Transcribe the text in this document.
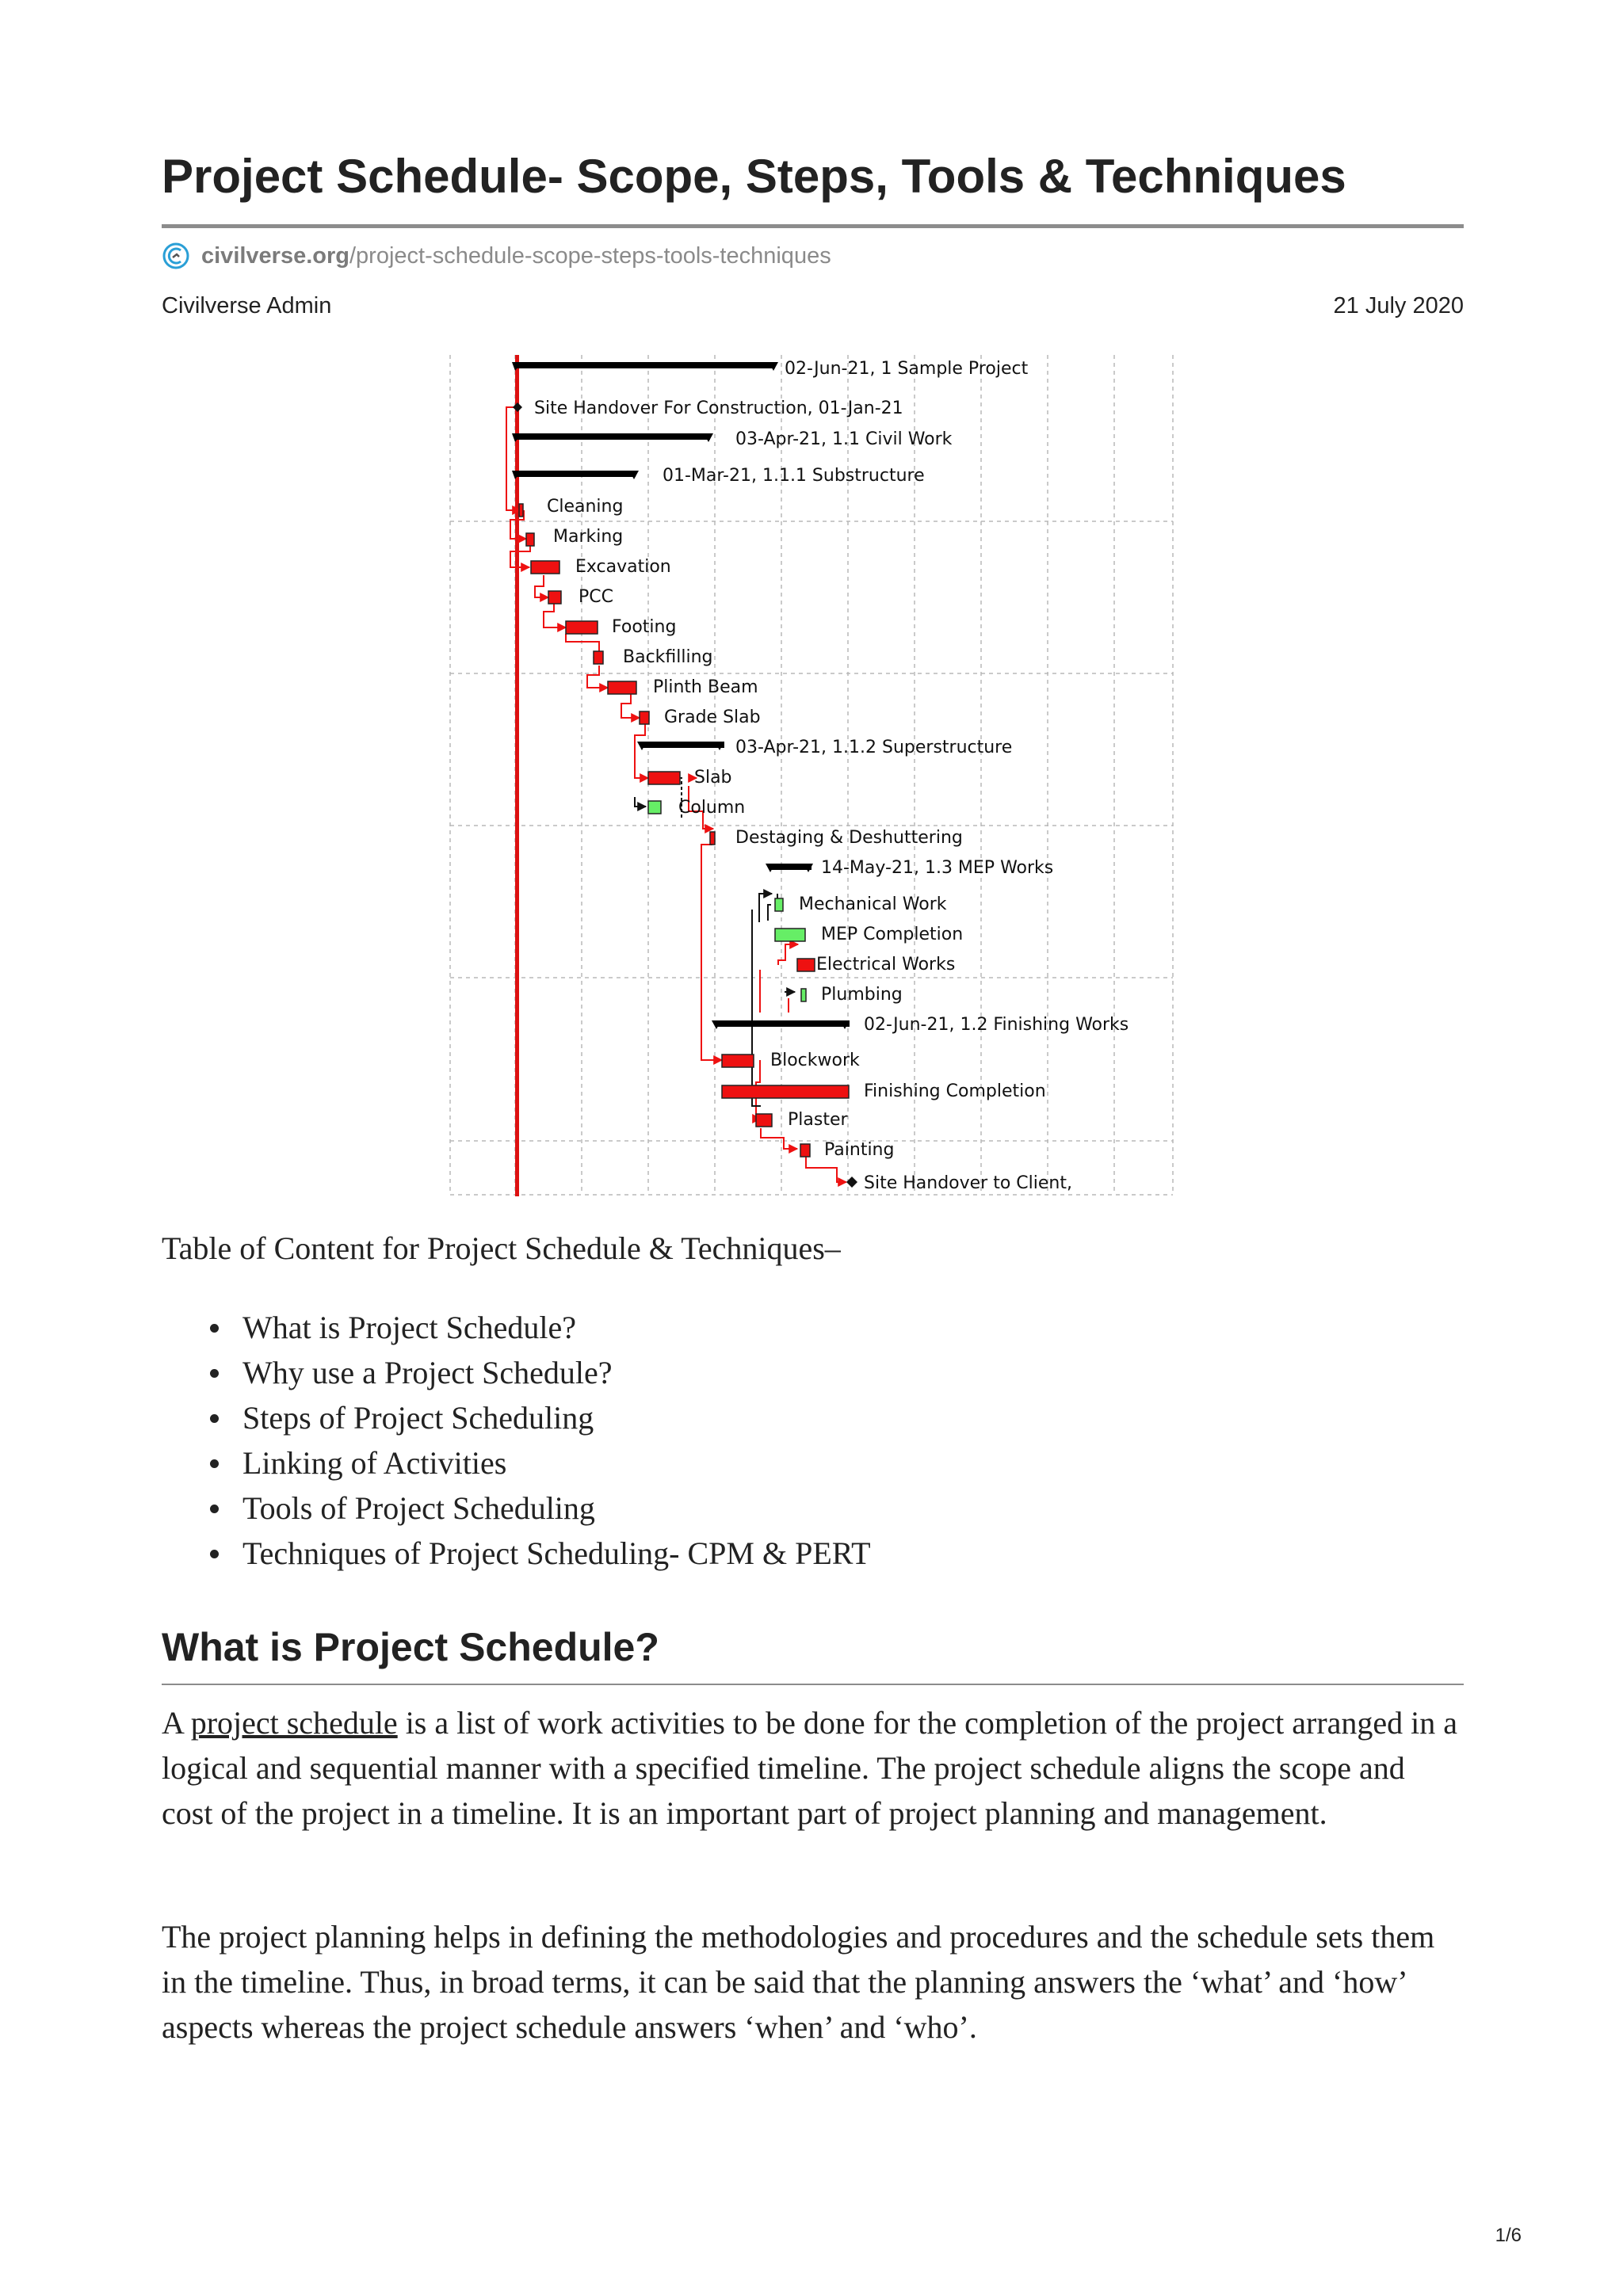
Project Schedule- Scope, Steps, Tools & Techniques
civilverse.org /project-schedule-scope-steps-tools-techniques
Civilverse Admin	21 July 2020
02-Jun-21, 1 Sample Project
Site Handover For Construction, 01-Jan-21
03-Apr-21, 1.1 Civil Work
01-Mar-21, 1.1.1 Substructure
Cleaning
Marking
Excavation
PCC
Footing
Backfilling
Plinth Beam
Grade Slab
03-Apr-21, 1.1.2 Superstructure
Slab
Column
Destaging & Deshuttering
14-May-21, 1.3 MEP Works
Mechanical Work
MEP Completion
Electrical Works
Plumbing
02-Jun-21, 1.2 Finishing Works
Blockwork
Finishing Completion
Plaster
Painting
Site Handover to Client,
Table of Content for Project Schedule & Techniques–
What is Project Schedule?
Why use a Project Schedule?
Steps of Project Scheduling
Linking of Activities
Tools of Project Scheduling
Techniques of Project Scheduling- CPM & PERT
What is Project Schedule?

A project schedule is a list of work activities to be done for the completion of the project arranged in a logical and sequential manner with a specified timeline. The project schedule aligns the scope and cost of the project in a timeline. It is an important part of project planning and management.

The project planning helps in defining the methodologies and procedures and the schedule sets them in the timeline. Thus, in broad terms, it can be said that the planning answers the ‘what’ and ‘how’ aspects whereas the project schedule answers ‘when’ and ‘who’.

1/6
